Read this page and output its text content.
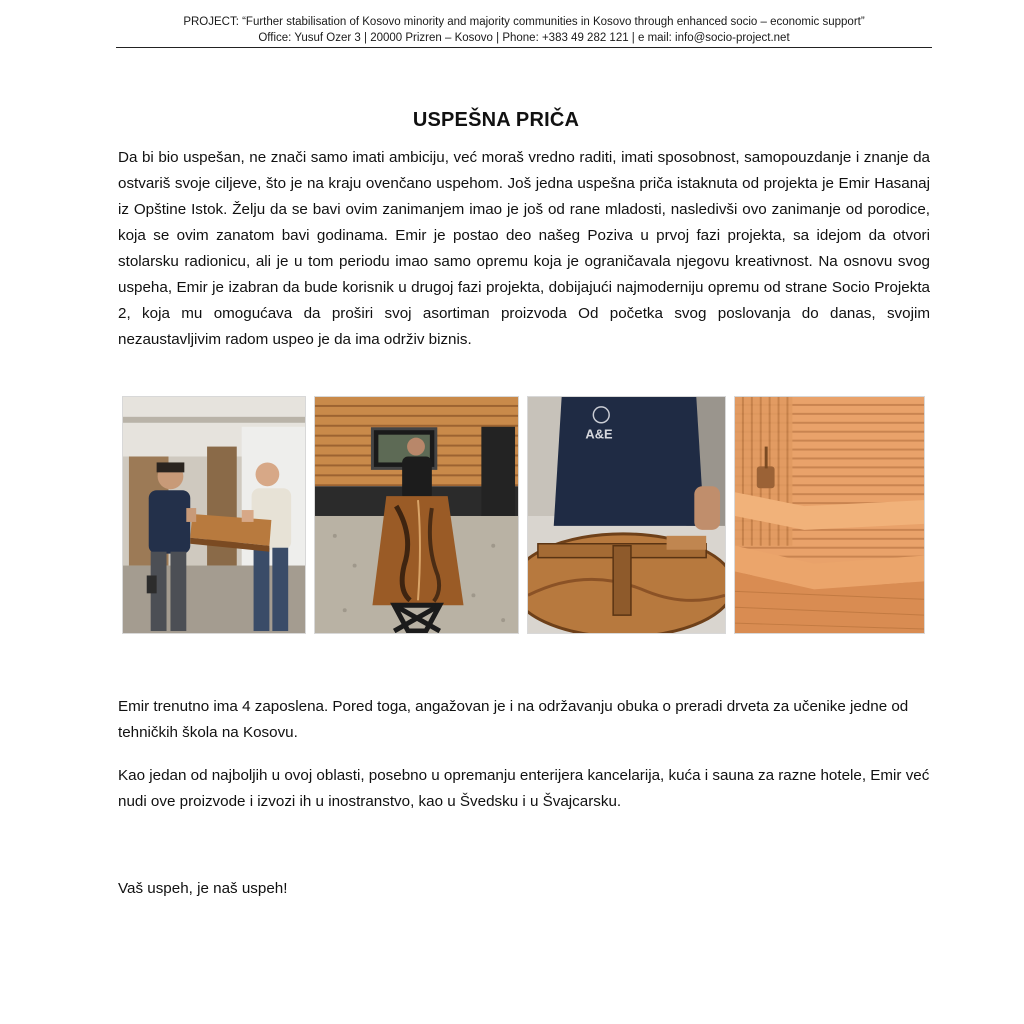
PROJECT: “Further stabilisation of Kosovo minority and majority communities in Kosovo through enhanced socio – economic support”
Office: Yusuf Ozer 3 | 20000 Prizren – Kosovo | Phone: +383 49 282 121 | e mail: info@socio-project.net
USPEŠNA PRIČA

Da bi bio uspešan, ne znači samo imati ambiciju, već moraš vredno raditi, imati sposobnost, samopouzdanje i znanje da ostvariš svoje ciljeve, što je na kraju ovenčano uspehom. Još jedna uspešna priča istaknuta od projekta je Emir Hasanaj iz Opštine Istok. Želju da se bavi ovim zanimanjem imao je još od rane mladosti, nasledivši ovo zanimanje od porodice, koja se ovim zanatom bavi godinama. Emir je postao deo našeg Poziva u prvoj fazi projekta, sa idejom da otvori stolarsku radionicu, ali je u tom periodu imao samo opremu koja je ograničavala njegovu kreativnost. Na osnovu svog uspeha, Emir je izabran da bude korisnik u drugoj fazi projekta, dobijajući najmoderniju opremu od strane Socio Projekta 2, koja mu omogućava da proširi svoj asortiman proizvoda Od početka svog poslovanja do danas, svojim nezaustavljivim radom uspeo je da ima održiv biznis.

A&E

Emir trenutno ima 4 zaposlena. Pored toga, angažovan je i na održavanju obuka o preradi drveta za učenike jedne od tehničkih škola na Kosovu.

Kao jedan od najboljih u ovoj oblasti, posebno u opremanju enterijera kancelarija, kuća i sauna za razne hotele, Emir već nudi ove proizvode i izvozi ih u inostranstvo, kao u Švedsku i u Švajcarsku.

Vaš uspeh, je naš uspeh!
